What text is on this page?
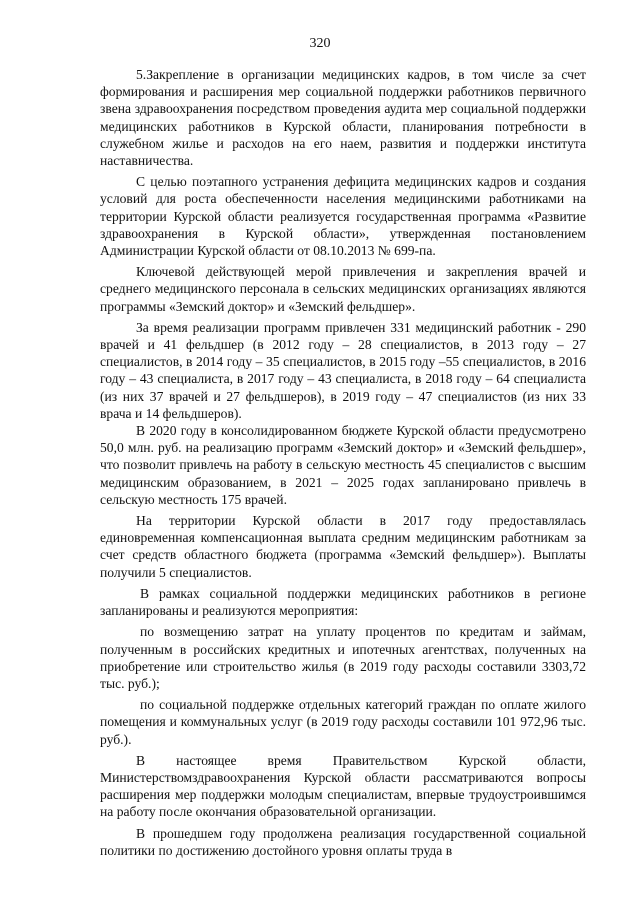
320

5.Закрепление в организации медицинских кадров, в том числе за счет формирования и расширения мер социальной поддержки работников первичного звена здравоохранения посредством проведения аудита мер социальной поддержки медицинских работников в Курской области, планирования потребности в служебном жилье и расходов на его наем, развития и поддержки института наставничества.

С целью поэтапного устранения дефицита медицинских кадров и создания условий для роста обеспеченности населения медицинскими работниками на территории Курской области реализуется государственная программа «Развитие здравоохранения в Курской области», утвержденная постановлением Администрации Курской области от 08.10.2013 № 699-па.

Ключевой действующей мерой привлечения и закрепления врачей и среднего медицинского персонала в сельских медицинских организациях являются программы «Земский доктор» и «Земский фельдшер».

За время реализации программ привлечен 331 медицинский работник - 290 врачей и 41 фельдшер (в 2012 году – 28 специалистов, в 2013 году – 27 специалистов, в 2014 году – 35 специалистов, в 2015 году –55 специалистов, в 2016 году – 43 специалиста, в 2017 году – 43 специалиста, в 2018 году – 64 специалиста (из них 37 врачей и 27 фельдшеров), в 2019 году – 47 специалистов (из них 33 врача и 14 фельдшеров).

В 2020 году в консолидированном бюджете Курской области предусмотрено 50,0 млн. руб. на реализацию программ «Земский доктор» и «Земский фельдшер», что позволит привлечь на работу в сельскую местность 45 специалистов с высшим медицинским образованием, в 2021 – 2025 годах запланировано привлечь в сельскую местность 175 врачей.

На территории Курской области в 2017 году предоставлялась единовременная компенсационная выплата средним медицинским работникам за счет средств областного бюджета (программа «Земский фельдшер»). Выплаты получили 5 специалистов.

В рамках социальной поддержки медицинских работников в регионе запланированы и реализуются мероприятия:

по возмещению затрат на уплату процентов по кредитам и займам, полученным в российских кредитных и ипотечных агентствах, полученных на приобретение или строительство жилья (в 2019 году расходы составили 3303,72 тыс. руб.);

по социальной поддержке отдельных категорий граждан по оплате жилого помещения и коммунальных услуг (в 2019 году расходы составили 101 972,96 тыс. руб.).

В настоящее время Правительством Курской области, Министерствомздравоохранения Курской области рассматриваются вопросы расширения мер поддержки молодым специалистам, впервые трудоустроившимся на работу после окончания образовательной организации.

В прошедшем году продолжена реализация государственной социальной политики по достижению достойного уровня оплаты труда в
